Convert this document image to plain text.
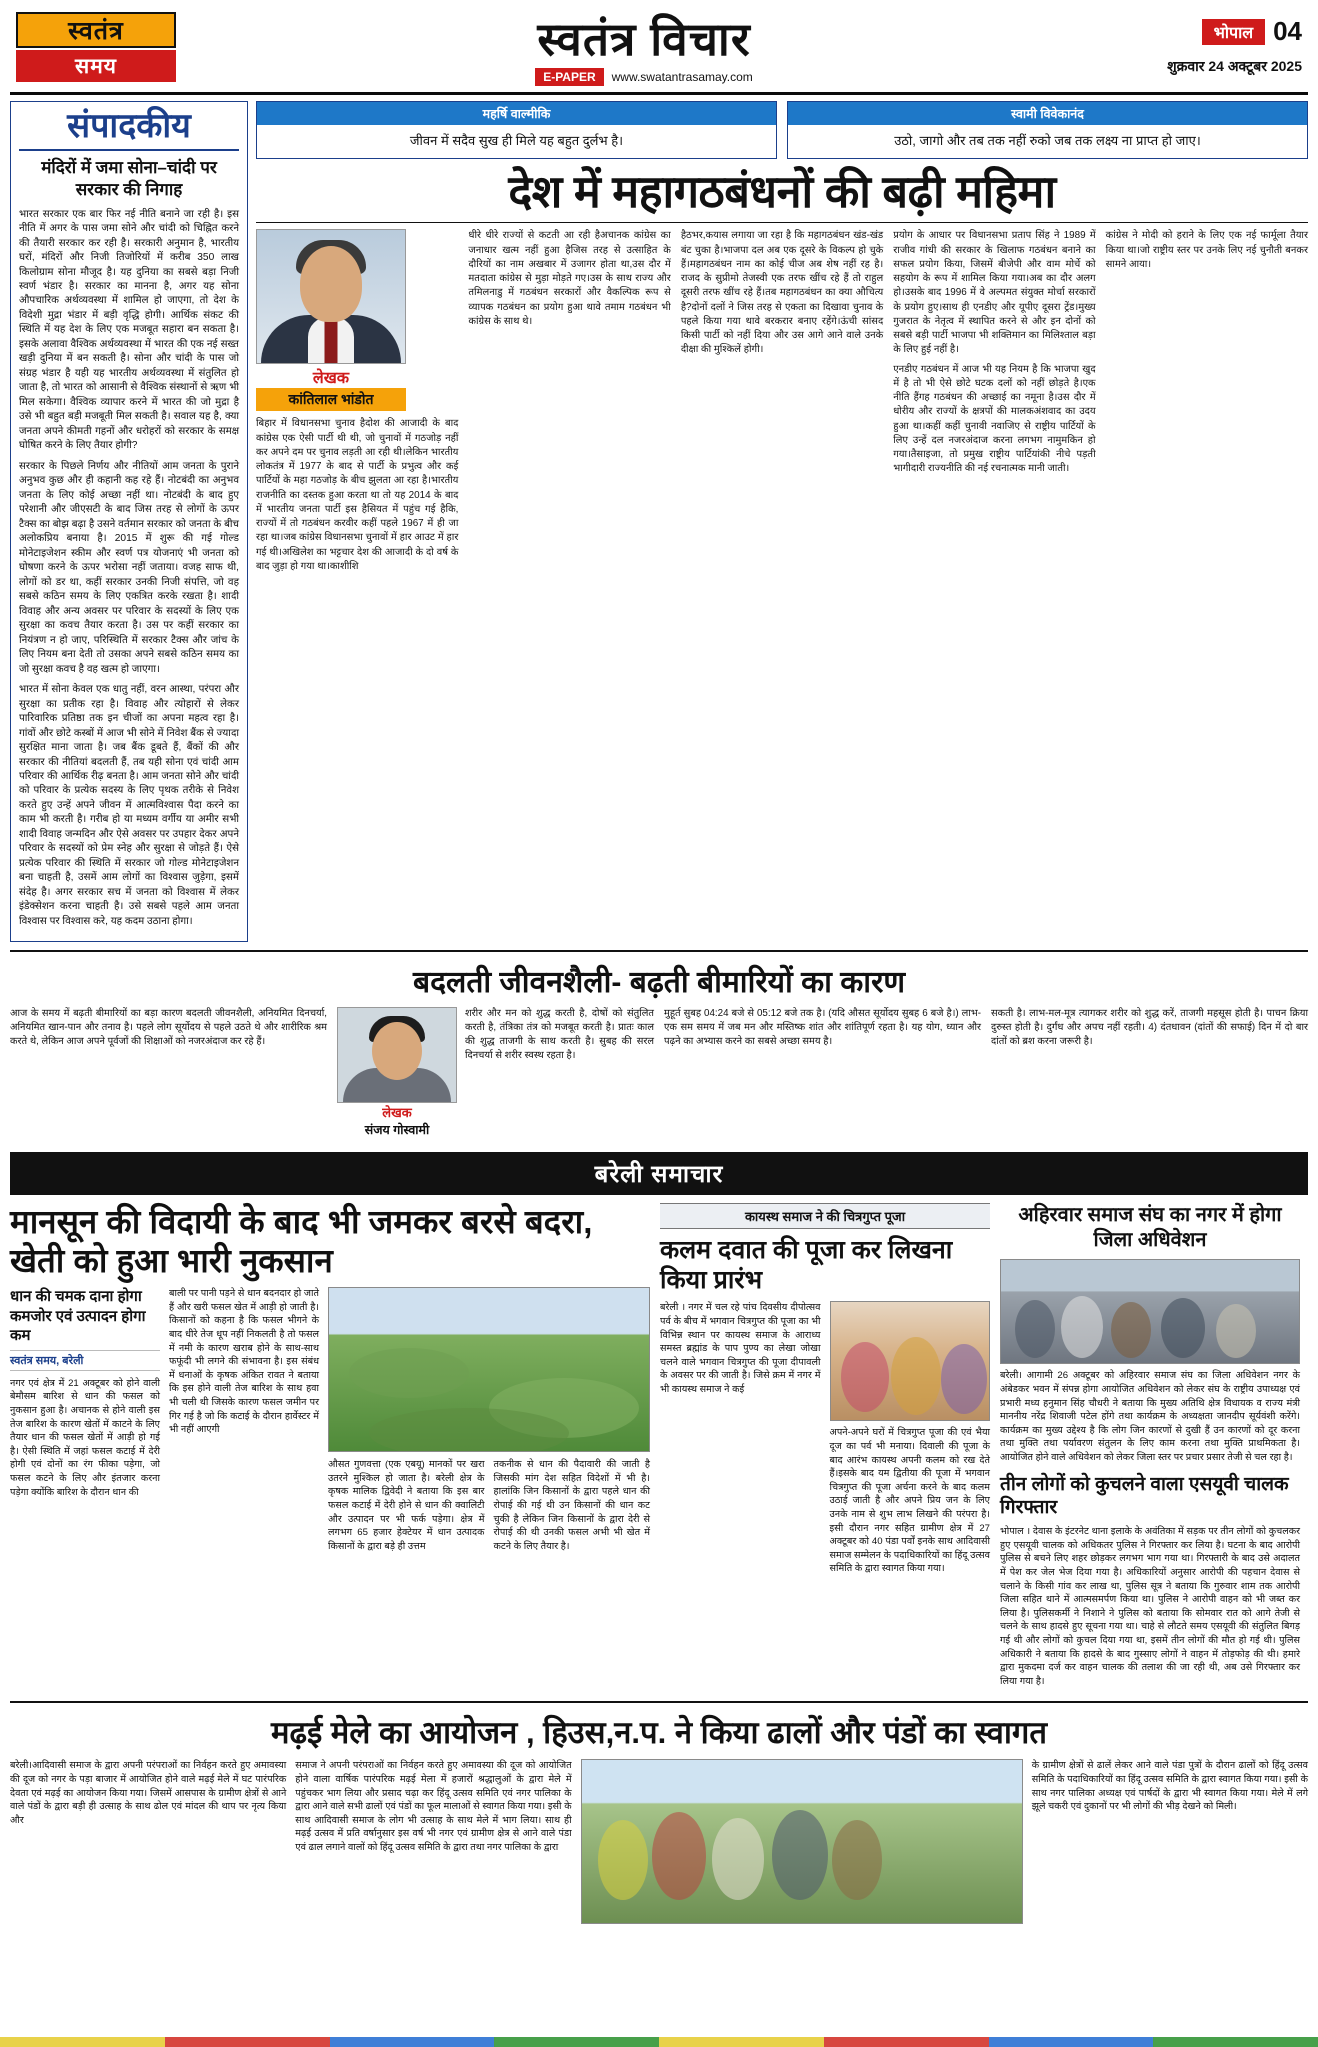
स्वतंत्र
समय
स्वतंत्र विचार
E-PAPER	www.swatantrasamay.com
भोपाल 04
शुक्रवार 24 अक्टूबर 2025
संपादकीय
मंदिरों में जमा सोना–चांदी पर सरकार की निगाह

भारत सरकार एक बार फिर नई नीति बनाने जा रही है। इस नीति में अगर के पास जमा सोने और चांदी को चिह्नित करने की तैयारी सरकार कर रही है। सरकारी अनुमान है, भारतीय घरों, मंदिरों और निजी तिजोरियों में करीब 350 लाख किलोग्राम सोना मौजूद है। यह दुनिया का सबसे बड़ा निजी स्वर्ण भंडार है। सरकार का मानना है, अगर यह सोना औपचारिक अर्थव्यवस्था में शामिल हो जाएगा, तो देश के विदेशी मुद्रा भंडार में बड़ी वृद्धि होगी। आर्थिक संकट की स्थिति में यह देश के लिए एक मजबूत सहारा बन सकता है। इसके अलावा वैश्विक अर्थव्यवस्था में भारत की एक नई सख्त खड़ी दुनिया में बन सकती है। सोना और चांदी के पास जो संग्रह भंडार है यही यह भारतीय अर्थव्यवस्था में संतुलित हो जाता है, तो भारत को आसानी से वैश्विक संस्थानों से ऋण भी मिल सकेगा। वैश्विक व्यापार करने में भारत की जो मुद्रा है उसे भी बहुत बड़ी मजबूती मिल सकती है। सवाल यह है, क्या जनता अपने कीमती गहनों और धरोहरों को सरकार के समक्ष घोषित करने के लिए तैयार होगी?

सरकार के पिछले निर्णय और नीतियों आम जनता के पुराने अनुभव कुछ और ही कहानी कह रहे हैं। नोटबंदी का अनुभव जनता के लिए कोई अच्छा नहीं था। नोटबंदी के बाद हुए परेशानी और जीएसटी के बाद जिस तरह से लोगों के ऊपर टैक्स का बोझ बढ़ा है उसने वर्तमान सरकार को जनता के बीच अलोकप्रिय बनाया है। 2015 में शुरू की गई गोल्ड मोनेटाइजेशन स्कीम और स्वर्ण पत्र योजनाएं भी जनता को घोषणा करने के ऊपर भरोसा नहीं जताया। वजह साफ थी, लोगों को डर था, कहीं सरकार उनकी निजी संपत्ति, जो वह सबसे कठिन समय के लिए एकत्रित करके रखता है। शादी विवाह और अन्य अवसर पर परिवार के सदस्यों के लिए एक सुरक्षा का कवच तैयार करता है। उस पर कहीं सरकार का नियंत्रण न हो जाए, परिस्थिति में सरकार टैक्स और जांच के लिए नियम बना देती तो उसका अपने सबसे कठिन समय का जो सुरक्षा कवच है वह खत्म हो जाएगा।

भारत में सोना केवल एक धातु नहीं, वरन आस्था, परंपरा और सुरक्षा का प्रतीक रहा है। विवाह और त्योहारों से लेकर पारिवारिक प्रतिष्ठा तक इन चीजों का अपना महत्व रहा है। गांवों और छोटे कस्बों में आज भी सोने में निवेश बैंक से ज्यादा सुरक्षित माना जाता है। जब बैंक डूबते हैं, बैंकों की और सरकार की नीतियां बदलती हैं, तब यही सोना एवं चांदी आम परिवार की आर्थिक रीढ़ बनता है। आम जनता सोने और चांदी को परिवार के प्रत्येक सदस्य के लिए पृथक तरीके से निवेश करते हुए उन्हें अपने जीवन में आत्मविश्वास पैदा करने का काम भी करती है। गरीब हो या मध्यम वर्गीय या अमीर सभी शादी विवाह जन्मदिन और ऐसे अवसर पर उपहार देकर अपने परिवार के सदस्यों को प्रेम स्नेह और सुरक्षा से जोड़ते हैं। ऐसे प्रत्येक परिवार की स्थिति में सरकार जो गोल्ड मोनेटाइजेशन बना चाहती है, उसमें आम लोगों का विश्वास जुड़ेगा, इसमें संदेह है। अगर सरकार सच में जनता को विश्वास में लेकर इंडेक्सेशन करना चाहती है। उसे सबसे पहले आम जनता विश्वास पर विश्वास करे, यह कदम उठाना होगा।

महर्षि वाल्मीकि
जीवन में सदैव सुख ही मिले यह बहुत दुर्लभ है।
स्वामी विवेकानंद
उठो, जागो और तब तक नहीं रुको जब तक लक्ष्य ना प्राप्त हो जाए।
देश में महागठबंधनों की बढ़ी महिमा
लेखक
कांतिलाल भांडोत

बिहार में विधानसभा चुनाव हैदोश की आजादी के बाद कांग्रेस एक ऐसी पार्टी थी थी, जो चुनावों में गठजोड़ नहीं कर अपने दम पर चुनाव लड़ती आ रही थी।लेकिन भारतीय लोकतंत्र में 1977 के बाद से पार्टी के प्रभुत्व और कई पार्टियों के महा गठजोड़ के बीच झुलता आ रहा है।भारतीय राजनीति का दस्तक हुआ करता था तो यह 2014 के बाद में भारतीय जनता पार्टी इस हैसियत में पहुंच गई हैकि, राज्यों में तो गठबंधन करवीर कहीं पहले 1967 में ही जा रहा था।जब कांग्रेस विधानसभा चुनावों में हार आउट में हार गई थी।अखिलेश का भट्टचार देश की आजादी के दो वर्ष के बाद जुड़ा हो गया था।काशीशि

धीरे धीरे राज्यों से कटती आ रही हैअचानक कांग्रेस का जनाधार खत्म नहीं हुआ हैजिस तरह से उत्साहित के दौरियों का नाम अखबार में उजागर होता था,उस दौर में मतदाता कांग्रेस से मुड़ा मोड़ते गए।उस के साथ राज्य और तमिलनाडु में गठबंधन सरकारों और वैकल्पिक रूप से व्यापक गठबंधन का प्रयोग हुआ थावे तमाम गठबंधन भी कांग्रेस के साथ थे।

हैठभर,कयास लगाया जा रहा है कि महागठबंधन खंड-खंड बंट चुका है।भाजपा दल अब एक दूसरे के विकल्प हो चुके हैं।महागठबंधन नाम का कोई चीज अब शेष नहीं रह है।राजद के सुप्रीमो तेजस्वी एक तरफ खींच रहे हैं तो राहुल दूसरी तरफ खींच रहे हैं।तब महागठबंधन का क्या औचित्य है?दोनों दलों ने जिस तरह से एकता का दिखावा चुनाव के पहले किया गया थावे बरकरार बनाए रहेंगे।ऊंची सांसद किसी पार्टी को नहीं दिया और उस आगे आने वाले उनके दीक्षा की मुश्किलें होगी।

प्रयोग के आधार पर विधानसभा प्रताप सिंह ने 1989 में राजीव गांधी की सरकार के खिलाफ गठबंधन बनाने का सफल प्रयोग किया, जिसमें बीजेपी और वाम मोर्चे को सहयोग के रूप में शामिल किया गया।अब का दौर अलग हो।उसके बाद 1996 में वे अल्पमत संयुक्त मोर्चा सरकारों के प्रयोग हुए।साथ ही एनडीए और यूपीए दूसरा ट्रेंड।मुख्य गुजरात के नेतृत्व में स्थापित करने से और इन दोनों को सबसे बड़ी पार्टी भाजपा भी शक्तिमान का मिलिश्ताल बड़ा के लिए हुई नहीं है।

एनडीए गठबंधन में आज भी यह नियम है कि भाजपा खुद में है तो भी ऐसे छोटे घटक दलों को नहीं छोड़ते है।एक नीति हैंगह गठबंधन की अच्छाई का नमूना है।उस दौर में धोरीय और राज्यों के क्षत्रपों की मालकअंशवाद का उदय हुआ था।कहीं कहीं चुनावी नवाजिए से राष्ट्रीय पार्टियों के लिए उन्हें दल नजरअंदाज करना लगभग नामुमकिन हो गया।तैसाइजा, तो प्रमुख राष्ट्रीय पार्टियांकी नीचे पड़ती भागीदारी राज्यनीति की नई रचनात्मक मानी जाती।

कांग्रेस ने मोदी को हराने के लिए एक नई फार्मूला तैयार किया था।जो राष्ट्रीय स्तर पर उनके लिए नई चुनौती बनकर सामने आया।

बदलती जीवनशैली- बढ़ती बीमारियों का कारण

आज के समय में बढ़ती बीमारियों का बड़ा कारण बदलती जीवनशैली, अनियमित दिनचर्या, अनियमित खान-पान और तनाव है। पहले लोग सूर्योदय से पहले उठते थे और शारीरिक श्रम करते थे, लेकिन आज अपने पूर्वजों की शिक्षाओं को नजरअंदाज कर रहे हैं।

लेखक
संजय गोस्वामी

शरीर और मन को शुद्ध करती है, दोषों को संतुलित करती है, तंत्रिका तंत्र को मजबूत करती है। प्रातः काल की शुद्ध ताजगी के साथ करती है। सुबह की सरल दिनचर्या से शरीर स्वस्थ रहता है।

मुहूर्त सुबह 04:24 बजे से 05:12 बजे तक है। (यदि औसत सूर्योदय सुबह 6 बजे है।) लाभ-एक सम समय में जब मन और मस्तिष्क शांत और शांतिपूर्ण रहता है। यह योग, ध्यान और पढ़ने का अभ्यास करने का सबसे अच्छा समय है।

सकती है। लाभ-मल-मूत्र त्यागकर शरीर को शुद्ध करें, ताजगी महसूस होती है। पाचन क्रिया दुरुस्त होती है। दुर्गंध और अपच नहीं रहती। 4) दंतधावन (दांतों की सफाई) दिन में दो बार दांतों को ब्रश करना जरूरी है।

बरेली समाचार
मानसून की विदायी के बाद भी जमकर बरसे बदरा, खेती को हुआ भारी नुकसान
धान की चमक दाना होगा कमजोर एवं उत्पादन होगा कम
स्वतंत्र समय, बरेली

नगर एवं क्षेत्र में 21 अक्टूबर को होने वाली बेमौसम बारिश से धान की फसल को नुकसान हुआ है। अचानक से होने वाली इस तेज बारिश के कारण खेतों में काटने के लिए तैयार धान की फसल खेतों में आड़ी हो गई है। ऐसी स्थिति में जहां फसल कटाई में देरी होगी एवं दोनों का रंग फीका पड़ेगा, जो फसल कटने के लिए और इंतजार करना पड़ेगा क्योंकि बारिश के दौरान धान की

बाली पर पानी पड़ने से धान बदनदार हो जाते हैं और खरी फसल खेत में आड़ी हो जाती है। किसानों को कहना है कि फसल भीगने के बाद धीरे तेज धूप नहीं निकलती है तो फसल में नमी के कारण खराब होने के साथ-साथ फफूंदी भी लगने की संभावना है। इस संबंध में धनाओं के कृषक अंकित रावत ने बताया कि इस होने वाली तेज बारिश के साथ हवा भी चली थी जिसके कारण फसल जमीन पर गिर गई है जो कि कटाई के दौरान हार्वेस्टर में भी नहीं आएगी

औसत गुणवत्ता (एक एबयू) मानकों पर खरा उतरने मुश्किल हो जाता है। बरेली क्षेत्र के कृषक मालिक द्विवेदी ने बताया कि इस बार फसल कटाई में देरी होने से धान की क्वालिटी और उत्पादन पर भी फर्क पड़ेगा। क्षेत्र में लगभग 65 हजार हेक्टेयर में धान उत्पादक किसानों के द्वारा बड़े ही उत्तम

तकनीक से धान की पैदावारी की जाती है जिसकी मांग देश सहित विदेशों में भी है। हालांकि जिन किसानों के द्वारा पहले धान की रोपाई की गई थी उन किसानों की धान कट चुकी है लेकिन जिन किसानों के द्वारा देरी से रोपाई की थी उनकी फसल अभी भी खेत में कटने के लिए तैयार है।

कायस्थ समाज ने की चित्रगुप्त पूजा
कलम दवात की पूजा कर लिखना किया प्रारंभ

बरेली । नगर में चल रहे पांच दिवसीय दीपोत्सव पर्व के बीच में भगवान चित्रगुप्त की पूजा का भी विभिन्न स्थान पर कायस्थ समाज के आराध्य समस्त ब्रह्मांड के पाप पुण्य का लेखा जोखा चलने वाले भगवान चित्रगुप्त की पूजा दीपावली के अवसर पर की जाती है। जिसे क्रम में नगर में भी कायस्थ समाज ने कई

अपने-अपने घरों में चित्रगुप्त पूजा की एवं भैया दूज का पर्व भी मनाया। दिवाली की पूजा के बाद आरंभ कायस्थ अपनी कलम को रख देते हैं।इसके बाद यम द्वितीया की पूजा में भगवान चित्रगुप्त की पूजा अर्चना करने के बाद कलम उठाई जाती है और अपने प्रिय जन के लिए उनके नाम से शुभ लाभ लिखने की परंपरा है। इसी दौरान नगर सहित ग्रामीण क्षेत्र में 27 अक्टूबर को 40 पंडा पर्वों इनके साथ आदिवासी समाज सम्मेलन के पदाधिकारियों का हिंदू उत्सव समिति के द्वारा स्वागत किया गया।

अहिरवार समाज संघ का नगर में होगा जिला अधिवेशन

बरेली। आगामी 26 अक्टूबर को अहिरवार समाज संघ का जिला अधिवेशन नगर के अंबेडकर भवन में संपन्न होगा आयोजित अधिवेशन को लेकर संघ के राष्ट्रीय उपाध्यक्ष एवं प्रभारी मध्य हनुमान सिंह चौधरी ने बताया कि मुख्य अतिथि क्षेत्र विधायक व राज्य मंत्री माननीय नरेंद्र शिवाजी पटेल होंगे तथा कार्यक्रम के अध्यक्षता जानदीप सूर्यवंशी करेंगे। कार्यक्रम का मुख्य उद्देश्य है कि लोग जिन कारणों से दुखी हैं उन कारणों को दूर करना तथा मुक्ति तथा पर्यावरण संतुलन के लिए काम करना तथा मुक्ति प्राथमिकता है।आयोजित होने वाले अधिवेशन को लेकर जिला स्तर पर प्रचार प्रसार तेजी से चल रहा है।

तीन लोगों को कुचलने वाला एसयूवी चालक गिरफ्तार

भोपाल । देवास के इंटरनेट थाना इलाके के अवंतिका में सड़क पर तीन लोगों को कुचलकर हुए एसयूवी चालक को अधिकतर पुलिस ने गिरफ्तार कर लिया है। घटना के बाद आरोपी पुलिस से बचने लिए शहर छोड़कर लगभग भाग गया था। गिरफ्तारी के बाद उसे अदालत में पेश कर जेल भेज दिया गया है। अधिकारियों अनुसार आरोपी की पहचान देवास से चलाने के किसी गांव कर लाख था, पुलिस सूत्र ने बताया कि गुरुवार शाम तक आरोपी जिला सहित थाने में आत्मसमर्पण किया था। पुलिस ने आरोपी वाहन को भी जब्त कर लिया है। पुलिसकर्मी ने निशाने ने पुलिस को बताया कि सोमवार रात को आगे तेजी से चलने के साथ हादसे हुए सूचना गया था। चाहे से लौटते समय एसयूवी की संतुलित बिगड़ गई थी और लोगों को कुचल दिया गया था, इसमें तीन लोगों की मौत हो गई थी। पुलिस अधिकारी ने बताया कि हादसे के बाद गुस्साए लोगों ने वाहन में तोड़फोड़ की थी। हमारे द्वारा मुकदमा दर्ज कर वाहन चालक की तलाश की जा रही थी, अब उसे गिरफ्तार कर लिया गया है।

मढ़ई मेले का आयोजन , हिउस,न.प. ने किया ढालों और पंडों का स्वागत

बरेली।आदिवासी समाज के द्वारा अपनी परंपराओं का निर्वहन करते हुए अमावस्या की दूज को नगर के पड़ा बाजार में आयोजित होने वाले मढ़ई मेले में घट पारंपरिक देवता एवं मढ़ई का आयोजन किया गया। जिसमें आसपास के ग्रामीण क्षेत्रों से आने वाले पंडों के द्वारा बड़ी ही उत्साह के साथ ढोल एवं मांदल की थाप पर नृत्य किया और

समाज ने अपनी परंपराओं का निर्वहन करते हुए अमावस्या की दूज को आयोजित होने वाला वार्षिक पारंपरिक मढ़ई मेला में हजारों श्रद्धालुओं के द्वारा मेले में पहुंचकर भाग लिया और प्रसाद चढ़ा कर हिंदू उत्सव समिति एवं नगर पालिका के द्वारा आने वाले सभी ढालों एवं पंडों का फूल मालाओं से स्वागत किया गया। इसी के साथ आदिवासी समाज के लोग भी उत्साह के साथ मेले में भाग लिया। साथ ही मढ़ई उत्सव में प्रति वर्षानुसार इस वर्ष भी नगर एवं ग्रामीण क्षेत्र से आने वाले पंडा एवं ढाल लगाने वालों को हिंदू उत्सव समिति के द्वारा तथा नगर पालिका के द्वारा

के ग्रामीण क्षेत्रों से ढालें लेकर आने वाले पंडा पुत्रों के दौरान ढालों को हिंदू उत्सव समिति के पदाधिकारियों का हिंदू उत्सव समिति के द्वारा स्वागत किया गया। इसी के साथ नगर पालिका अध्यक्ष एवं पार्षदों के द्वारा भी स्वागत किया गया। मेले में लगे झूले चकरी एवं दुकानों पर भी लोगों की भीड़ देखने को मिली।
